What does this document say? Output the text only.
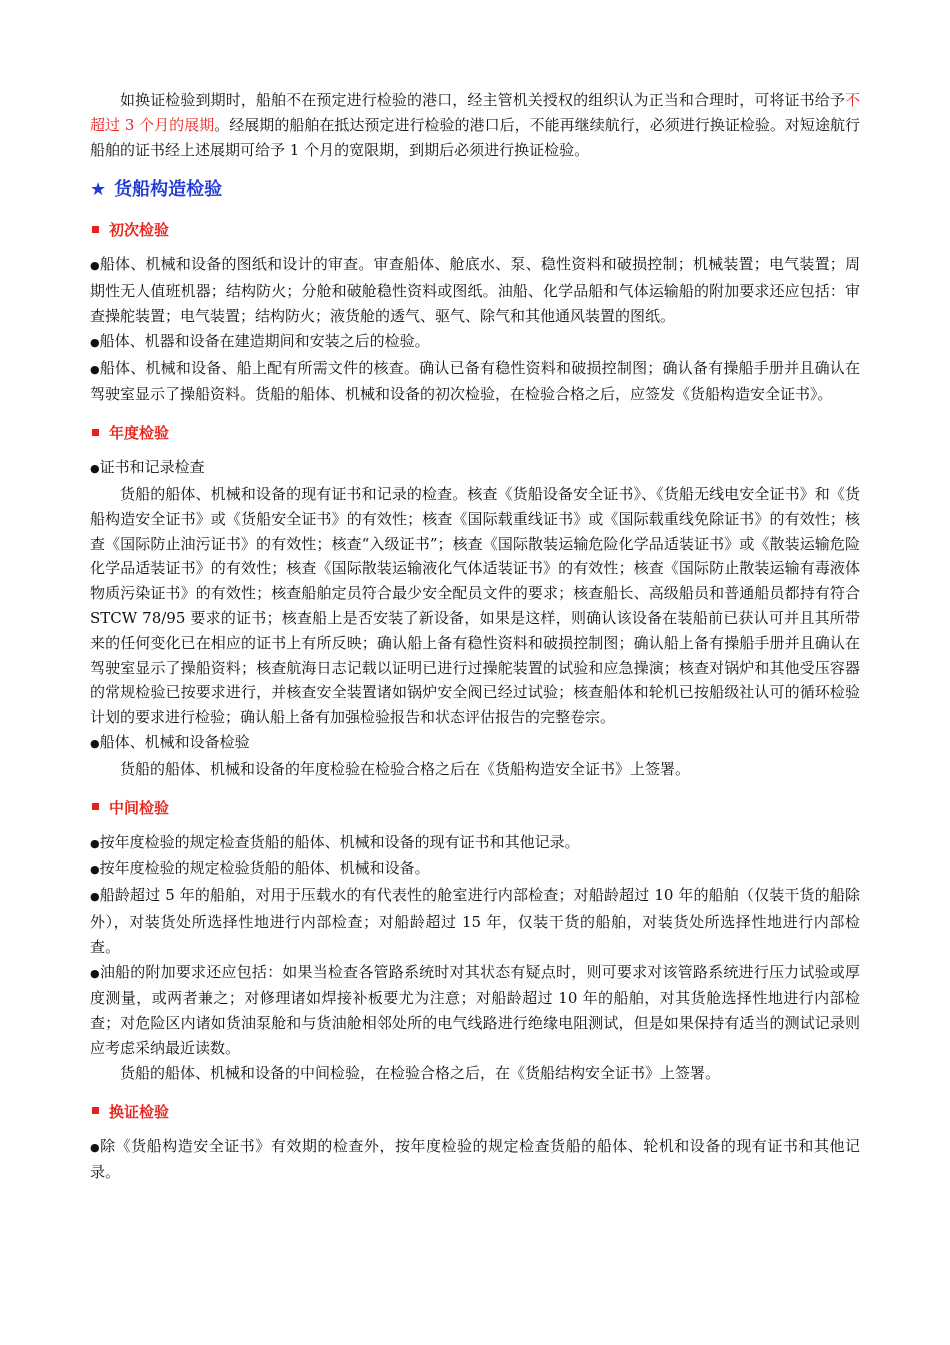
如换证检验到期时，船舶不在预定进行检验的港口，经主管机关授权的组织认为正当和合理时，可将证书给予不超过 3 个月的展期。经展期的船舶在抵达预定进行检验的港口后，不能再继续航行，必须进行换证检验。对短途航行船舶的证书经上述展期可给予 1 个月的宽限期，到期后必须进行换证检验。

★ 货船构造检验
初次检验

● 船体、机械和设备的图纸和设计的审查。审查船体、舱底水、泵、稳性资料和破损控制；机械装置；电气装置；周期性无人值班机器；结构防火；分舱和破舱稳性资料或图纸。油船、化学品船和气体运输船的附加要求还应包括：审查操舵装置；电气装置；结构防火；液货舱的透气、驱气、除气和其他通风装置的图纸。

● 船体、机器和设备在建造期间和安装之后的检验。

● 船体、机械和设备、船上配有所需文件的核查。确认已备有稳性资料和破损控制图；确认备有操船手册并且确认在驾驶室显示了操船资料。货船的船体、机械和设备的初次检验，在检验合格之后，应签发《货船构造安全证书》。

年度检验

● 证书和记录检查

货船的船体、机械和设备的现有证书和记录的检查。核查《货船设备安全证书》、《货船无线电安全证书》和《货船构造安全证书》或《货船安全证书》的有效性；核查《国际载重线证书》或《国际载重线免除证书》的有效性；核查《国际防止油污证书》的有效性；核查“入级证书”；核查《国际散装运输危险化学品适装证书》或《散装运输危险化学品适装证书》的有效性；核查《国际散装运输液化气体适装证书》的有效性；核查《国际防止散装运输有毒液体物质污染证书》的有效性；核查船舶定员符合最少安全配员文件的要求；核查船长、高级船员和普通船员都持有符合 STCW 78/95 要求的证书；核查船上是否安装了新设备，如果是这样，则确认该设备在装船前已获认可并且其所带来的任何变化已在相应的证书上有所反映；确认船上备有稳性资料和破损控制图；确认船上备有操船手册并且确认在驾驶室显示了操船资料；核查航海日志记载以证明已进行过操舵装置的试验和应急操演；核查对锅炉和其他受压容器的常规检验已按要求进行，并核查安全装置诸如锅炉安全阀已经过试验；核查船体和轮机已按船级社认可的循环检验计划的要求进行检验；确认船上备有加强检验报告和状态评估报告的完整卷宗。

● 船体、机械和设备检验

货船的船体、机械和设备的年度检验在检验合格之后在《货船构造安全证书》上签署。

中间检验

● 按年度检验的规定检查货船的船体、机械和设备的现有证书和其他记录。

● 按年度检验的规定检验货船的船体、机械和设备。

● 船龄超过 5 年的船舶，对用于压载水的有代表性的舱室进行内部检查；对船龄超过 10 年的船舶（仅装干货的船除外），对装货处所选择性地进行内部检查；对船龄超过 15 年，仅装干货的船舶，对装货处所选择性地进行内部检查。

● 油船的附加要求还应包括：如果当检查各管路系统时对其状态有疑点时，则可要求对该管路系统进行压力试验或厚度测量，或两者兼之；对修理诸如焊接补板要尤为注意；对船龄超过 10 年的船舶，对其货舱选择性地进行内部检查；对危险区内诸如货油泵舱和与货油舱相邻处所的电气线路进行绝缘电阻测试，但是如果保持有适当的测试记录则应考虑采纳最近读数。

货船的船体、机械和设备的中间检验，在检验合格之后，在《货船结构安全证书》上签署。

换证检验

● 除《货船构造安全证书》有效期的检查外，按年度检验的规定检查货船的船体、轮机和设备的现有证书和其他记录。
